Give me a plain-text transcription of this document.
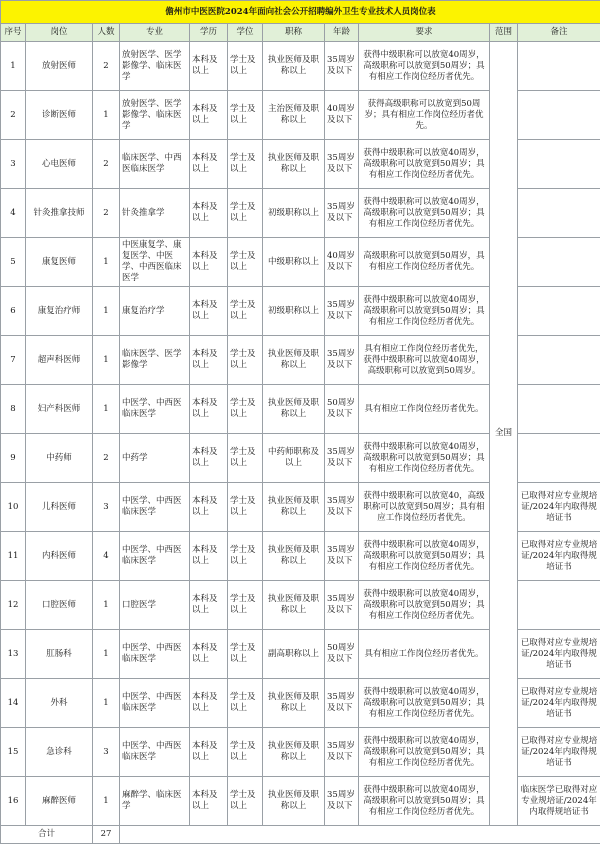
儋州市中医医院2024年面向社会公开招聘编外卫生专业技术人员岗位表										
序号	岗位	人数	专业	学历	学位	职称	年龄	要求	范围	备注
1	放射医师	2	放射医学、医学影像学、临床医学	本科及以上	学士及以上	执业医师及职称以上	35周岁及以下	获得中级职称可以放宽40周岁，高级职称可以放宽到50周岁；具有相应工作岗位经历者优先。	全国	
2	诊断医师	1	放射医学、医学影像学、临床医学	本科及以上	学士及以上	主治医师及职称以上	40周岁及以下	获得高级职称可以放宽到50周岁；具有相应工作岗位经历者优先。		
3	心电医师	2	临床医学、中西医临床医学	本科及以上	学士及以上	执业医师及职称以上	35周岁及以下	获得中级职称可以放宽40周岁，高级职称可以放宽到50周岁；具有相应工作岗位经历者优先。		
4	针灸推拿技师	2	针灸推拿学	本科及以上	学士及以上	初级职称以上	35周岁及以下	获得中级职称可以放宽40周岁，高级职称可以放宽到50周岁；具有相应工作岗位经历者优先。		
5	康复医师	1	中医康复学、康复医学、中医学、中西医临床医学	本科及以上	学士及以上	中级职称以上	40周岁及以下	高级职称可以放宽到50周岁，具有相应工作岗位经历者优先。		
6	康复治疗师	1	康复治疗学	本科及以上	学士及以上	初级职称以上	35周岁及以下	获得中级职称可以放宽40周岁，高级职称可以放宽到50周岁；具有相应工作岗位经历者优先。		
7	超声科医师	1	临床医学、医学影像学	本科及以上	学士及以上	执业医师及职称以上	35周岁及以下	具有相应工作岗位经历者优先，获得中级职称可以放宽40周岁，高级职称可以放宽到50周岁。		
8	妇产科医师	1	中医学、中西医临床医学	本科及以上	学士及以上	执业医师及职称以上	50周岁及以下	具有相应工作岗位经历者优先。		
9	中药师	2	中药学	本科及以上	学士及以上	中药师职称及以上	35周岁及以下	获得中级职称可以放宽40周岁，高级职称可以放宽到50周岁；具有相应工作岗位经历者优先。		
10	儿科医师	3	中医学、中西医临床医学	本科及以上	学士及以上	执业医师及职称以上	35周岁及以下	获得中级职称可以放宽40，高级职称可以放宽到50周岁；具有相应工作岗位经历者优先。		已取得对应专业规培证/2024年内取得规培证书
11	内科医师	4	中医学、中西医临床医学	本科及以上	学士及以上	执业医师及职称以上	35周岁及以下	获得中级职称可以放宽40周岁，高级职称可以放宽到50周岁；具有相应工作岗位经历者优先。		已取得对应专业规培证/2024年内取得规培证书
12	口腔医师	1	口腔医学	本科及以上	学士及以上	执业医师及职称以上	35周岁及以下	获得中级职称可以放宽40周岁，高级职称可以放宽到50周岁；具有相应工作岗位经历者优先。		
13	肛肠科	1	中医学、中西医临床医学	本科及以上	学士及以上	副高职称以上	50周岁及以下	具有相应工作岗位经历者优先。		已取得对应专业规培证/2024年内取得规培证书
14	外科	1	中医学、中西医临床医学	本科及以上	学士及以上	执业医师及职称以上	35周岁及以下	获得中级职称可以放宽40周岁，高级职称可以放宽到50周岁；具有相应工作岗位经历者优先。		已取得对应专业规培证/2024年内取得规培证书
15	急诊科	3	中医学、中西医临床医学	本科及以上	学士及以上	执业医师及职称以上	35周岁及以下	获得中级职称可以放宽40周岁，高级职称可以放宽到50周岁；具有相应工作岗位经历者优先。		已取得对应专业规培证/2024年内取得规培证书
16	麻醉医师	1	麻醉学、临床医学	本科及以上	学士及以上	执业医师及职称以上	35周岁及以下	获得中级职称可以放宽40周岁，高级职称可以放宽到50周岁；具有相应工作岗位经历者优先。		临床医学已取得对应专业规培证/2024年内取得规培证书
合计		27								
